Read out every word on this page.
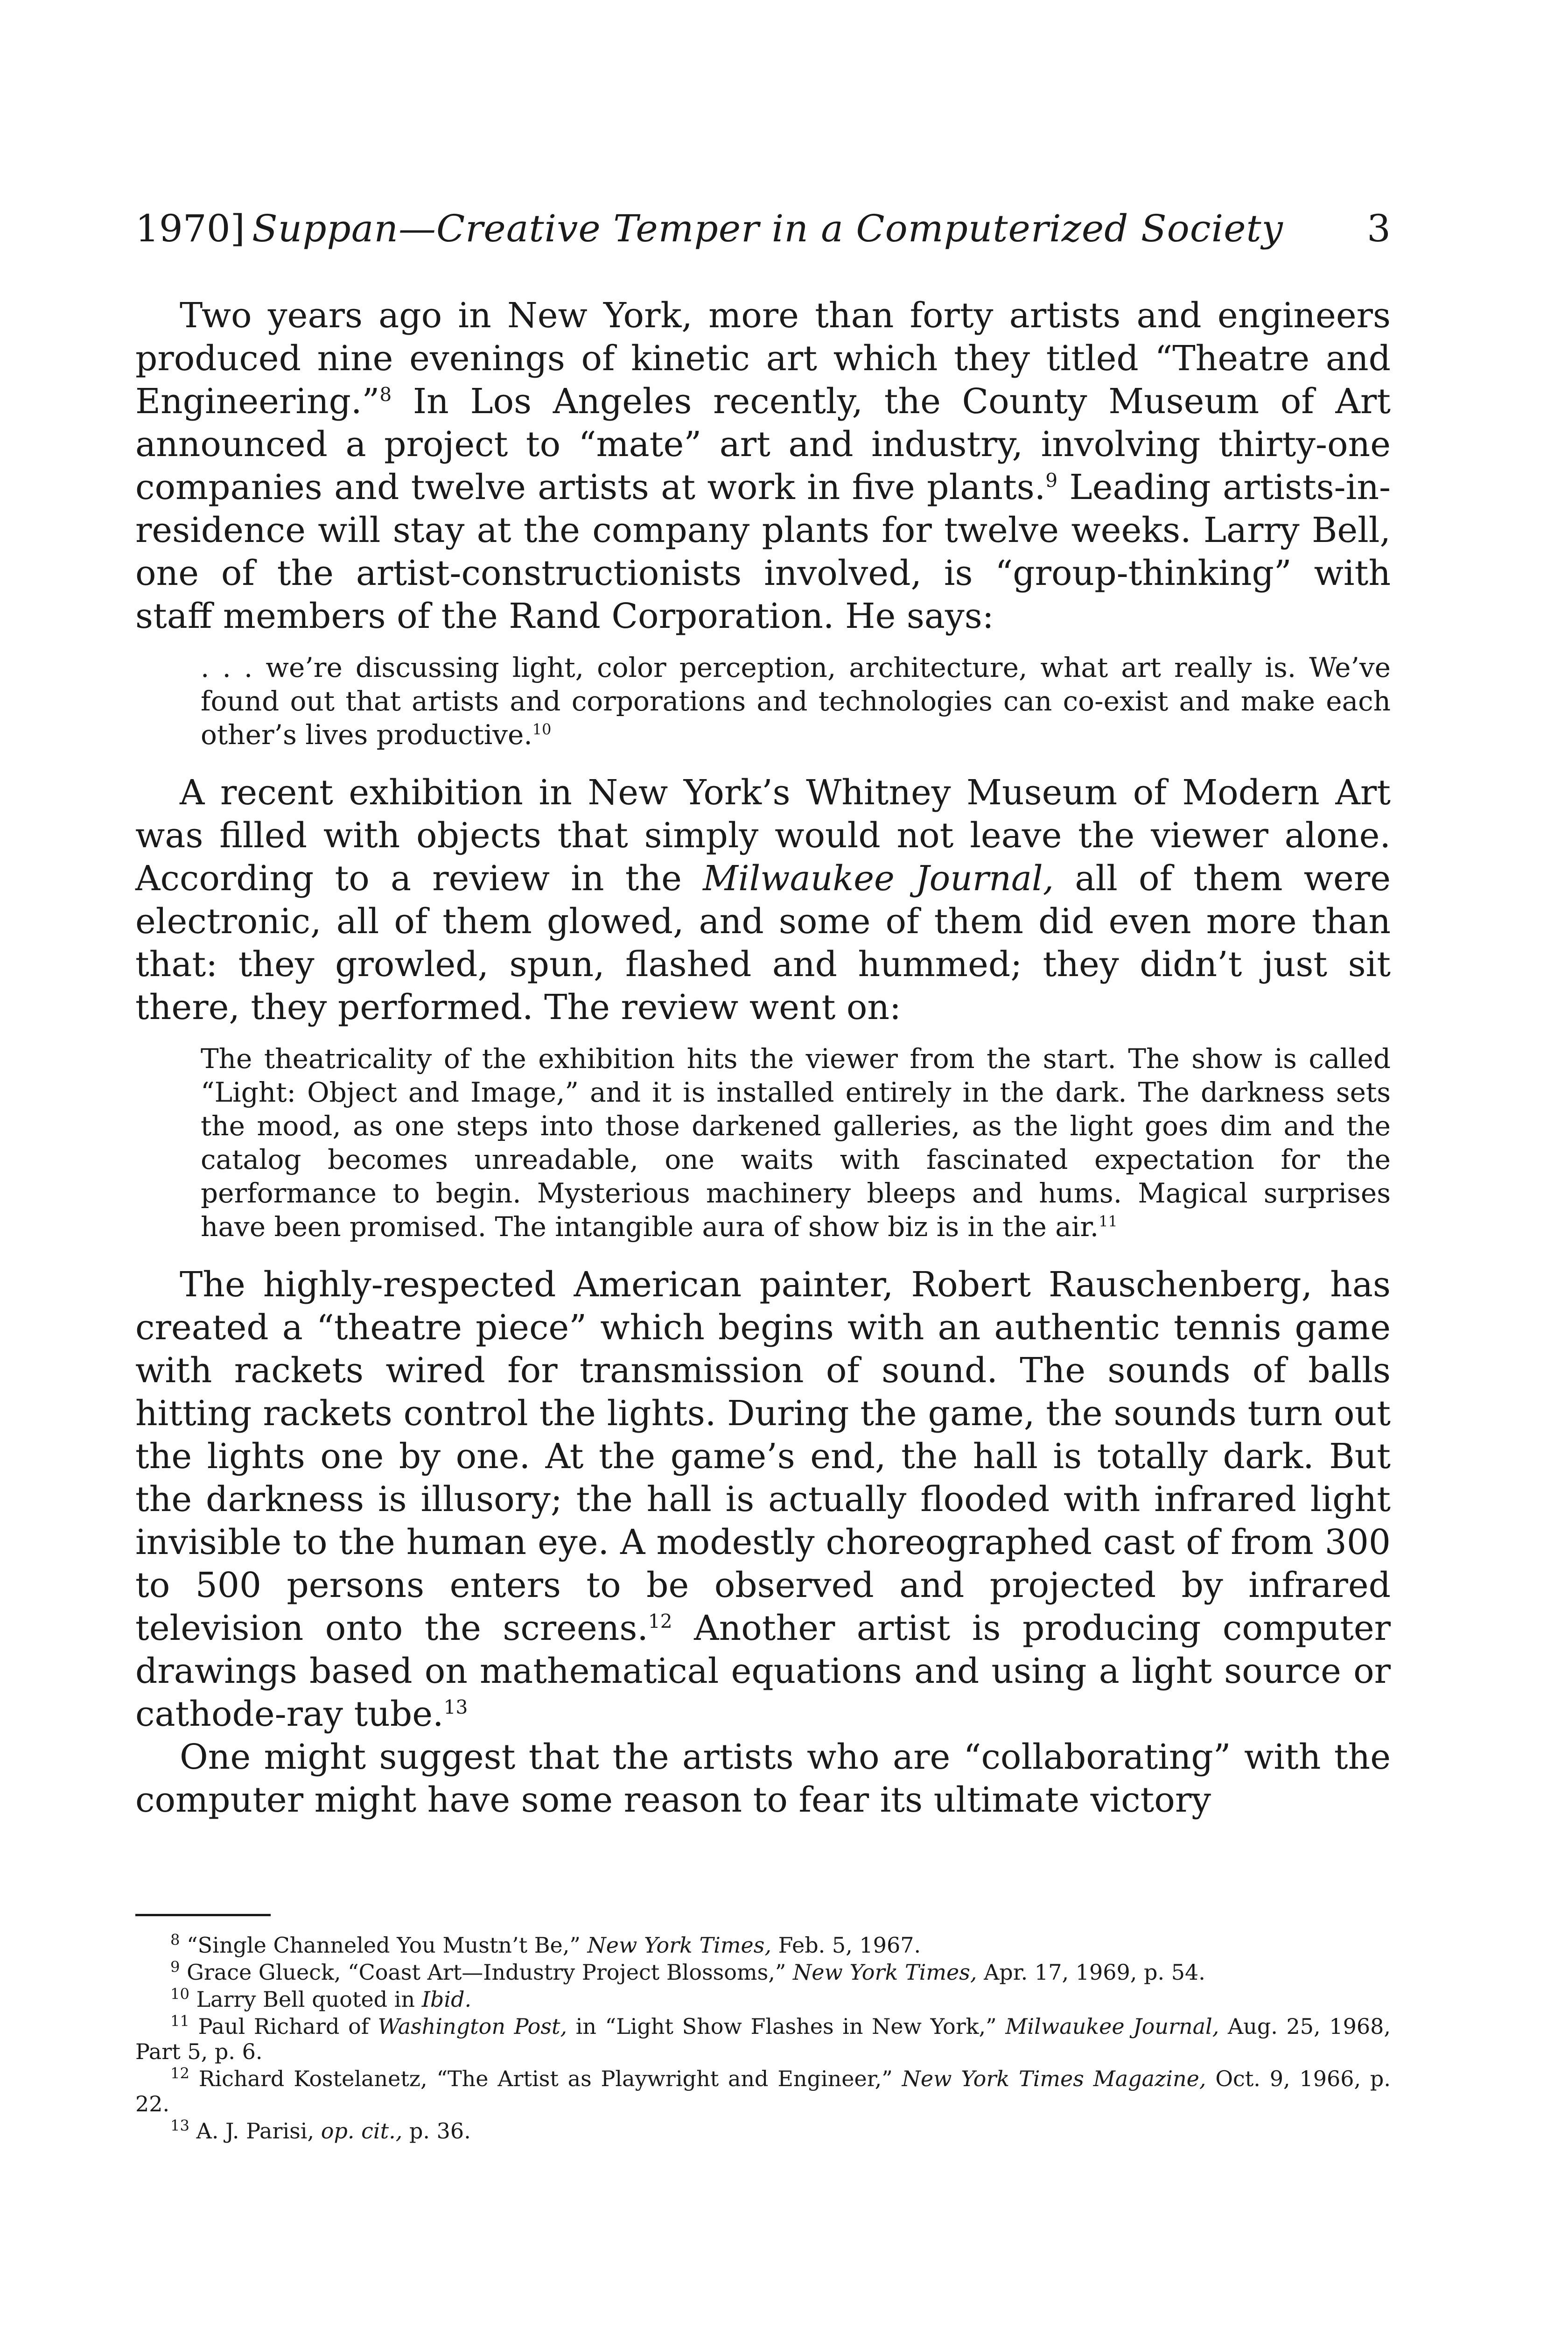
1970] Suppan—Creative Temper in a Computerized Society 3

Two years ago in New York, more than forty artists and engineers produced nine evenings of kinetic art which they titled “Theatre and Engineering.”$^8$ In Los Angeles recently, the County Museum of Art announced a project to “mate” art and industry, involving thirty-one companies and twelve artists at work in five plants.$^9$ Leading artists-in-residence will stay at the company plants for twelve weeks. Larry Bell, one of the artist-constructionists involved, is “group-thinking” with staff members of the Rand Corporation. He says:

. . . we’re discussing light, color perception, architecture, what art really is. We’ve found out that artists and corporations and technologies can co-exist and make each other’s lives productive.$^{10}$

A recent exhibition in New York’s Whitney Museum of Modern Art was filled with objects that simply would not leave the viewer alone. According to a review in the Milwaukee Journal, all of them were electronic, all of them glowed, and some of them did even more than that: they growled, spun, flashed and hummed; they didn’t just sit there, they performed. The review went on:

The theatricality of the exhibition hits the viewer from the start. The show is called “Light: Object and Image,” and it is installed entirely in the dark. The darkness sets the mood, as one steps into those darkened galleries, as the light goes dim and the catalog becomes unreadable, one waits with fascinated expectation for the performance to begin. Mysterious machinery bleeps and hums. Magical surprises have been promised. The intangible aura of show biz is in the air.$^{11}$

The highly-respected American painter, Robert Rauschenberg, has created a “theatre piece” which begins with an authentic tennis game with rackets wired for transmission of sound. The sounds of balls hitting rackets control the lights. During the game, the sounds turn out the lights one by one. At the game’s end, the hall is totally dark. But the darkness is illusory; the hall is actually flooded with infrared light invisible to the human eye. A modestly choreographed cast of from 300 to 500 persons enters to be observed and projected by infrared television onto the screens.$^{12}$ Another artist is producing computer drawings based on mathematical equations and using a light source or cathode-ray tube.$^{13}$

One might suggest that the artists who are “collaborating” with the computer might have some reason to fear its ultimate victory

$^8$ “Single Channeled You Mustn’t Be,” New York Times, Feb. 5, 1967.

$^9$ Grace Glueck, “Coast Art—Industry Project Blossoms,” New York Times, Apr. 17, 1969, p. 54.

$^{10}$ Larry Bell quoted in Ibid.

$^{11}$ Paul Richard of Washington Post, in “Light Show Flashes in New York,” Milwaukee Journal, Aug. 25, 1968, Part 5, p. 6.

$^{12}$ Richard Kostelanetz, “The Artist as Playwright and Engineer,” New York Times Magazine, Oct. 9, 1966, p. 22.

$^{13}$ A. J. Parisi, op. cit., p. 36.
